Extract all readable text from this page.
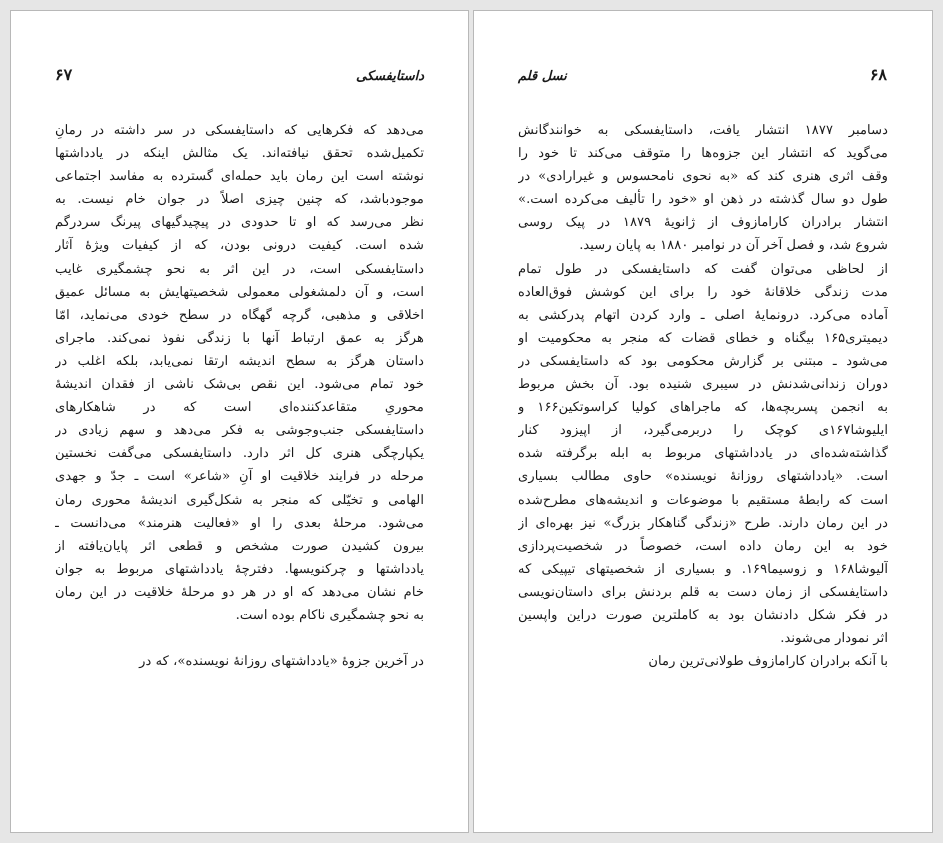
داستایفسکی
۶۷
می‌دهد که فکرهایی که داستایفسکی در سر داشته در رمانِ
تکمیل‌شده تحقق نیافته‌اند. یک مثالش اینکه در یادداشتها
نوشته است این رمان باید حمله‌ای گسترده به مفاسد اجتماعی
موجودباشد، که چنین چیزی اصلاً در جوان خام نیست. به
نظر می‌رسد که او تا حدودی در پیچیدگیهای پیرنگ سردرگم
شده است. کیفیت درونی بودن، که از کیفیات ویژهٔ آثار
داستایفسکی است، در این اثر به نحو چشمگیری غایب
است، و آن دلمشغولی معمولی شخصیتهایش به مسائل عمیق
اخلاقی و مذهبی، گرچه گهگاه در سطح خودی می‌نماید، امّا
هرگز به عمق ارتباط آنها با زندگی نفوذ نمی‌کند. ماجرای
داستان هرگز به سطح اندیشه ارتقا نمی‌یابد، بلکه اغلب در
خود تمام می‌شود. این نقص بی‌شک ناشی از فقدان اندیشهٔ
محوریِ متقاعدکننده‌ای است که در شاهکارهای
داستایفسکی جنب‌وجوشی به فکر می‌دهد و سهم زیادی در
یکپارچگی هنری کل اثر دارد. داستایفسکی می‌گفت نخستین
مرحله در فرایند خلاقیت او آنِ «شاعر» است ـ جدّ و جهدی
الهامی و تخیّلی که منجر به شکل‌گیری اندیشهٔ محوری رمان
می‌شود. مرحلهٔ بعدی را او «فعالیت هنرمند» می‌دانست ـ
بیرون کشیدن صورت مشخص و قطعی اثر پایان‌یافته از
یادداشتها و چرکنویسها. دفترچهٔ یادداشتهای مربوط به جوان
خام نشان می‌دهد که او در هر دو مرحلهٔ خلاقیت در این رمان
به نحو چشمگیری ناکام بوده است.
در آخرین جزوهٔ «یادداشتهای روزانهٔ نویسنده»، که در
۶۸
نسل قلم
دسامبر ۱۸۷۷ انتشار یافت، داستایفسکی به خوانندگانش
می‌گوید که انتشار این جزوه‌ها را متوقف می‌کند تا خود را
وقف اثری هنری کند که «به نحوی نامحسوس و غیرارادی» در
طول دو سال گذشته در ذهن او «خود را تألیف می‌کرده است.»
انتشار برادران کارامازوف از ژانویهٔ ۱۸۷۹ در پیک روسی
شروع شد، و فصل آخر آن در نوامبر ۱۸۸۰ به پایان رسید.
از لحاظی می‌توان گفت که داستایفسکی در طول تمام
مدت زندگی خلاقانهٔ خود را برای این کوشش فوق‌العاده
آماده می‌کرد. درونمایهٔ اصلی ـ وارد کردن اتهام پدرکشی به
دیمیتری۱۶۵ بیگناه و خطای قضات که منجر به محکومیت او
می‌شود ـ مبتنی بر گزارش محکومی بود که داستایفسکی در
دوران زندانی‌شدنش در سیبری شنیده بود. آن بخش مربوط
به انجمن پسربچه‌ها، که ماجراهای کولیا کراسوتکین۱۶۶ و
ایلیوشا۱۶۷ی کوچک را دربرمی‌گیرد، از اپیزود کنار
گذاشته‌شده‌ای در یادداشتهای مربوط به ابله برگرفته شده
است. «یادداشتهای روزانهٔ نویسنده» حاوی مطالب بسیاری
است که رابطهٔ مستقیم با موضوعات و اندیشه‌های مطرح‌شده
در این رمان دارند. طرح «زندگی گناهکار بزرگ» نیز بهره‌ای از
خود به این رمان داده است، خصوصاً در شخصیت‌پردازی
آلیوشا۱۶۸ و زوسیما۱۶۹. و بسیاری از شخصیتهای تیپیکی که
داستایفسکی از زمان دست به قلم بردنش برای داستان‌نویسی
در فکر شکل دادنشان بود به کاملترین صورت دراین واپسین
اثر نمودار می‌شوند.
با آنکه برادران کارامازوف طولانی‌ترین رمان
